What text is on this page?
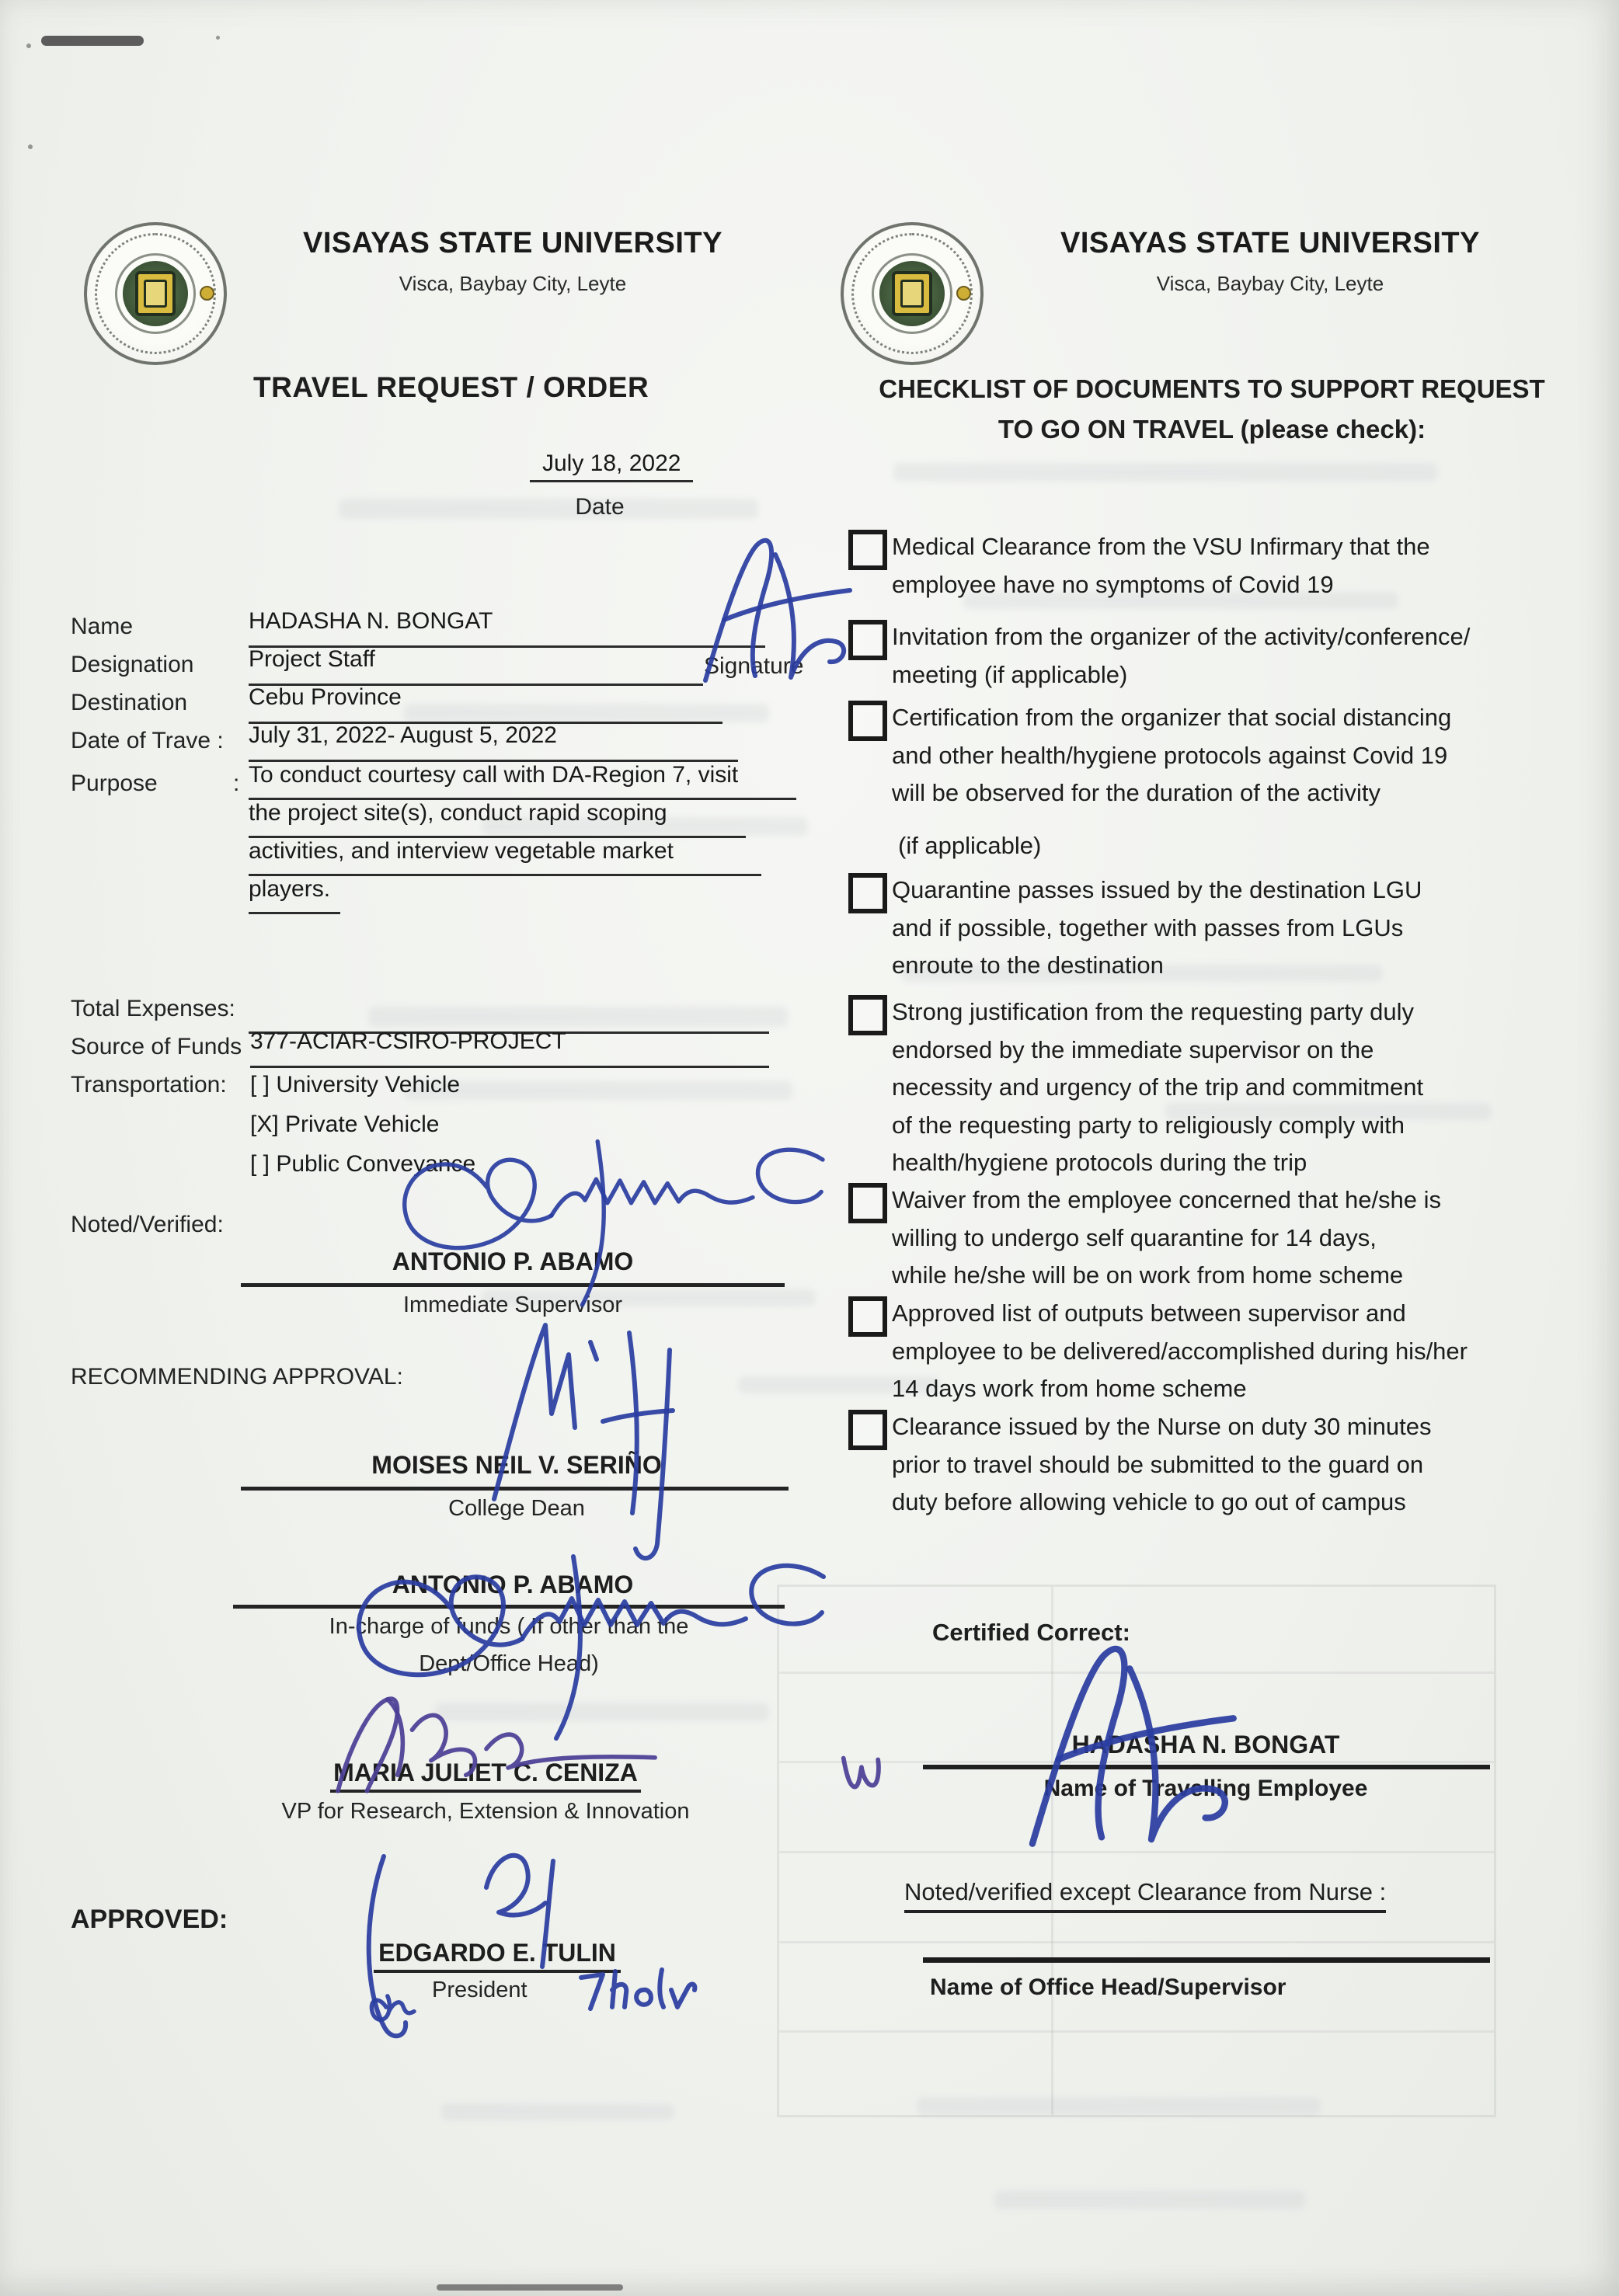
VISAYAS STATE UNIVERSITY
Visca, Baybay City, Leyte
TRAVEL REQUEST / ORDER
July 18, 2022
Date
Name	HADASHA N. BONGAT
Designation Project Staff	Signature
Destination	Cebu Province
Date of Trave : July 31, 2022- August 5, 2022
Purpose	: To conduct courtesy call with DA-Region 7, visit
the project site(s), conduct rapid scoping
activities, and interview vegetable market
players.
Total Expenses:
Source of Funds 377-ACIAR-CSIRO-PROJECT
Transportation: [ ] University Vehicle
[X] Private Vehicle
[ ] Public Conveyance
Noted/Verified:
ANTONIO P. ABAMO
Immediate Supervisor
RECOMMENDING APPROVAL:
MOISES NEIL V. SERIÑO
College Dean
ANTONIO P. ABAMO
In-charge of funds ( If other than the
Dept/Office Head)
MARIA JULIET C. CENIZA
VP for Research, Extension & Innovation
APPROVED:
EDGARDO E. TULIN
President
VISAYAS STATE UNIVERSITY
Visca, Baybay City, Leyte
CHECKLIST OF DOCUMENTS TO SUPPORT REQUEST
TO GO ON TRAVEL (please check):
Medical Clearance from the VSU Infirmary that the
employee have no symptoms of Covid 19
Invitation from the organizer of the activity/conference/
meeting (if applicable)
Certification from the organizer that social distancing
and other health/hygiene protocols against Covid 19
will be observed for the duration of the activity
(if applicable)
Quarantine passes issued by the destination LGU
and if possible, together with passes from LGUs
enroute to the destination
Strong justification from the requesting party duly
endorsed by the immediate supervisor on the
necessity and urgency of the trip and commitment
of the requesting party to religiously comply with
health/hygiene protocols during the trip
Waiver from the employee concerned that he/she is
willing to undergo self quarantine for 14 days,
while he/she will be on work from home scheme
Approved list of outputs between supervisor and
employee to be delivered/accomplished during his/her
14 days work from home scheme
Clearance issued by the Nurse on duty 30 minutes
prior to travel should be submitted to the guard on
duty before allowing vehicle to go out of campus
Certified Correct:
HADASHA N. BONGAT
Name of Travelling Employee
Noted/verified except Clearance from Nurse :
Name of Office Head/Supervisor
